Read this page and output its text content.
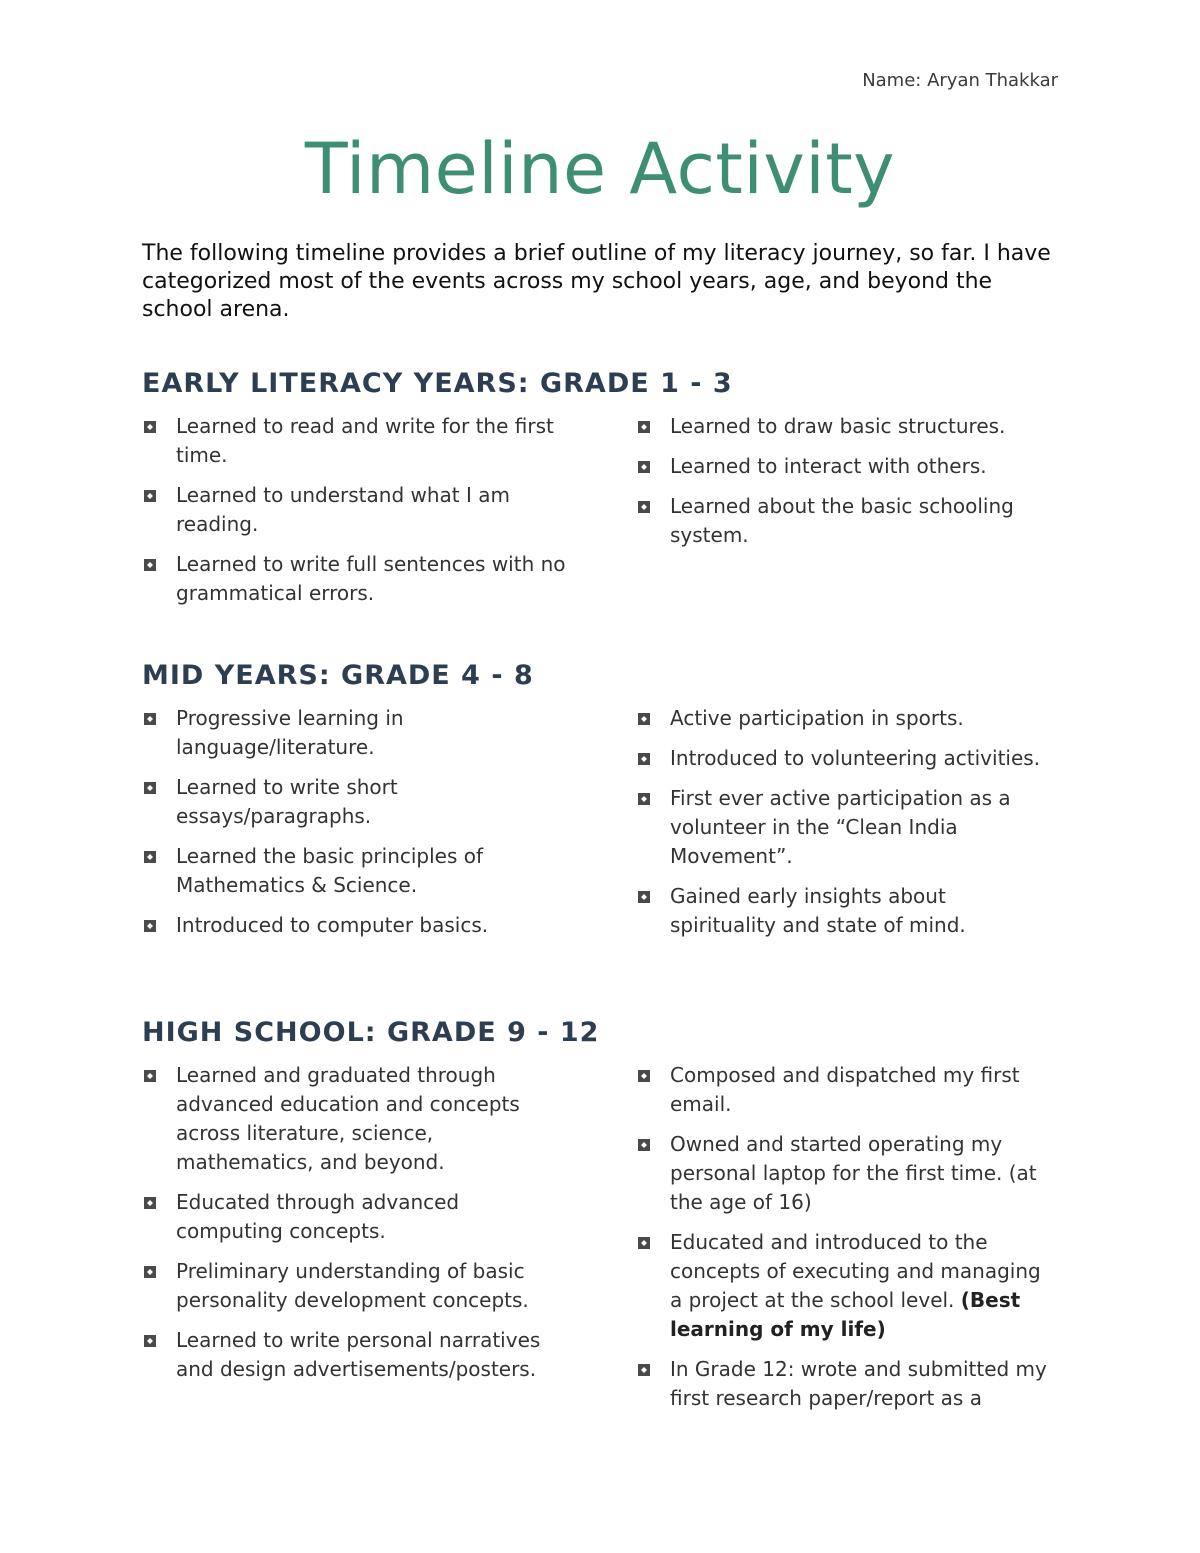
Name: Aryan Thakkar
Timeline Activity

The following timeline provides a brief outline of my literacy journey, so far. I have categorized most of the events across my school years, age, and beyond the school arena.

EARLY LITERACY YEARS: GRADE 1 - 3
Learned to read and write for the first time.
Learned to understand what I am reading.
Learned to write full sentences with no grammatical errors.
Learned to draw basic structures.
Learned to interact with others.
Learned about the basic schooling system.
MID YEARS: GRADE 4 - 8
Progressive learning in language/literature.
Learned to write short essays/paragraphs.
Learned the basic principles of Mathematics & Science.
Introduced to computer basics.
Active participation in sports.
Introduced to volunteering activities.
First ever active participation as a volunteer in the “Clean India Movement”.
Gained early insights about spirituality and state of mind.
HIGH SCHOOL: GRADE 9 - 12
Learned and graduated through advanced education and concepts across literature, science, mathematics, and beyond.
Educated through advanced computing concepts.
Preliminary understanding of basic personality development concepts.
Learned to write personal narratives and design advertisements/posters.
Composed and dispatched my first email.
Owned and started operating my personal laptop for the first time. (at the age of 16)
Educated and introduced to the concepts of executing and managing a project at the school level. (Best learning of my life)
In Grade 12: wrote and submitted my first research paper/report as a
